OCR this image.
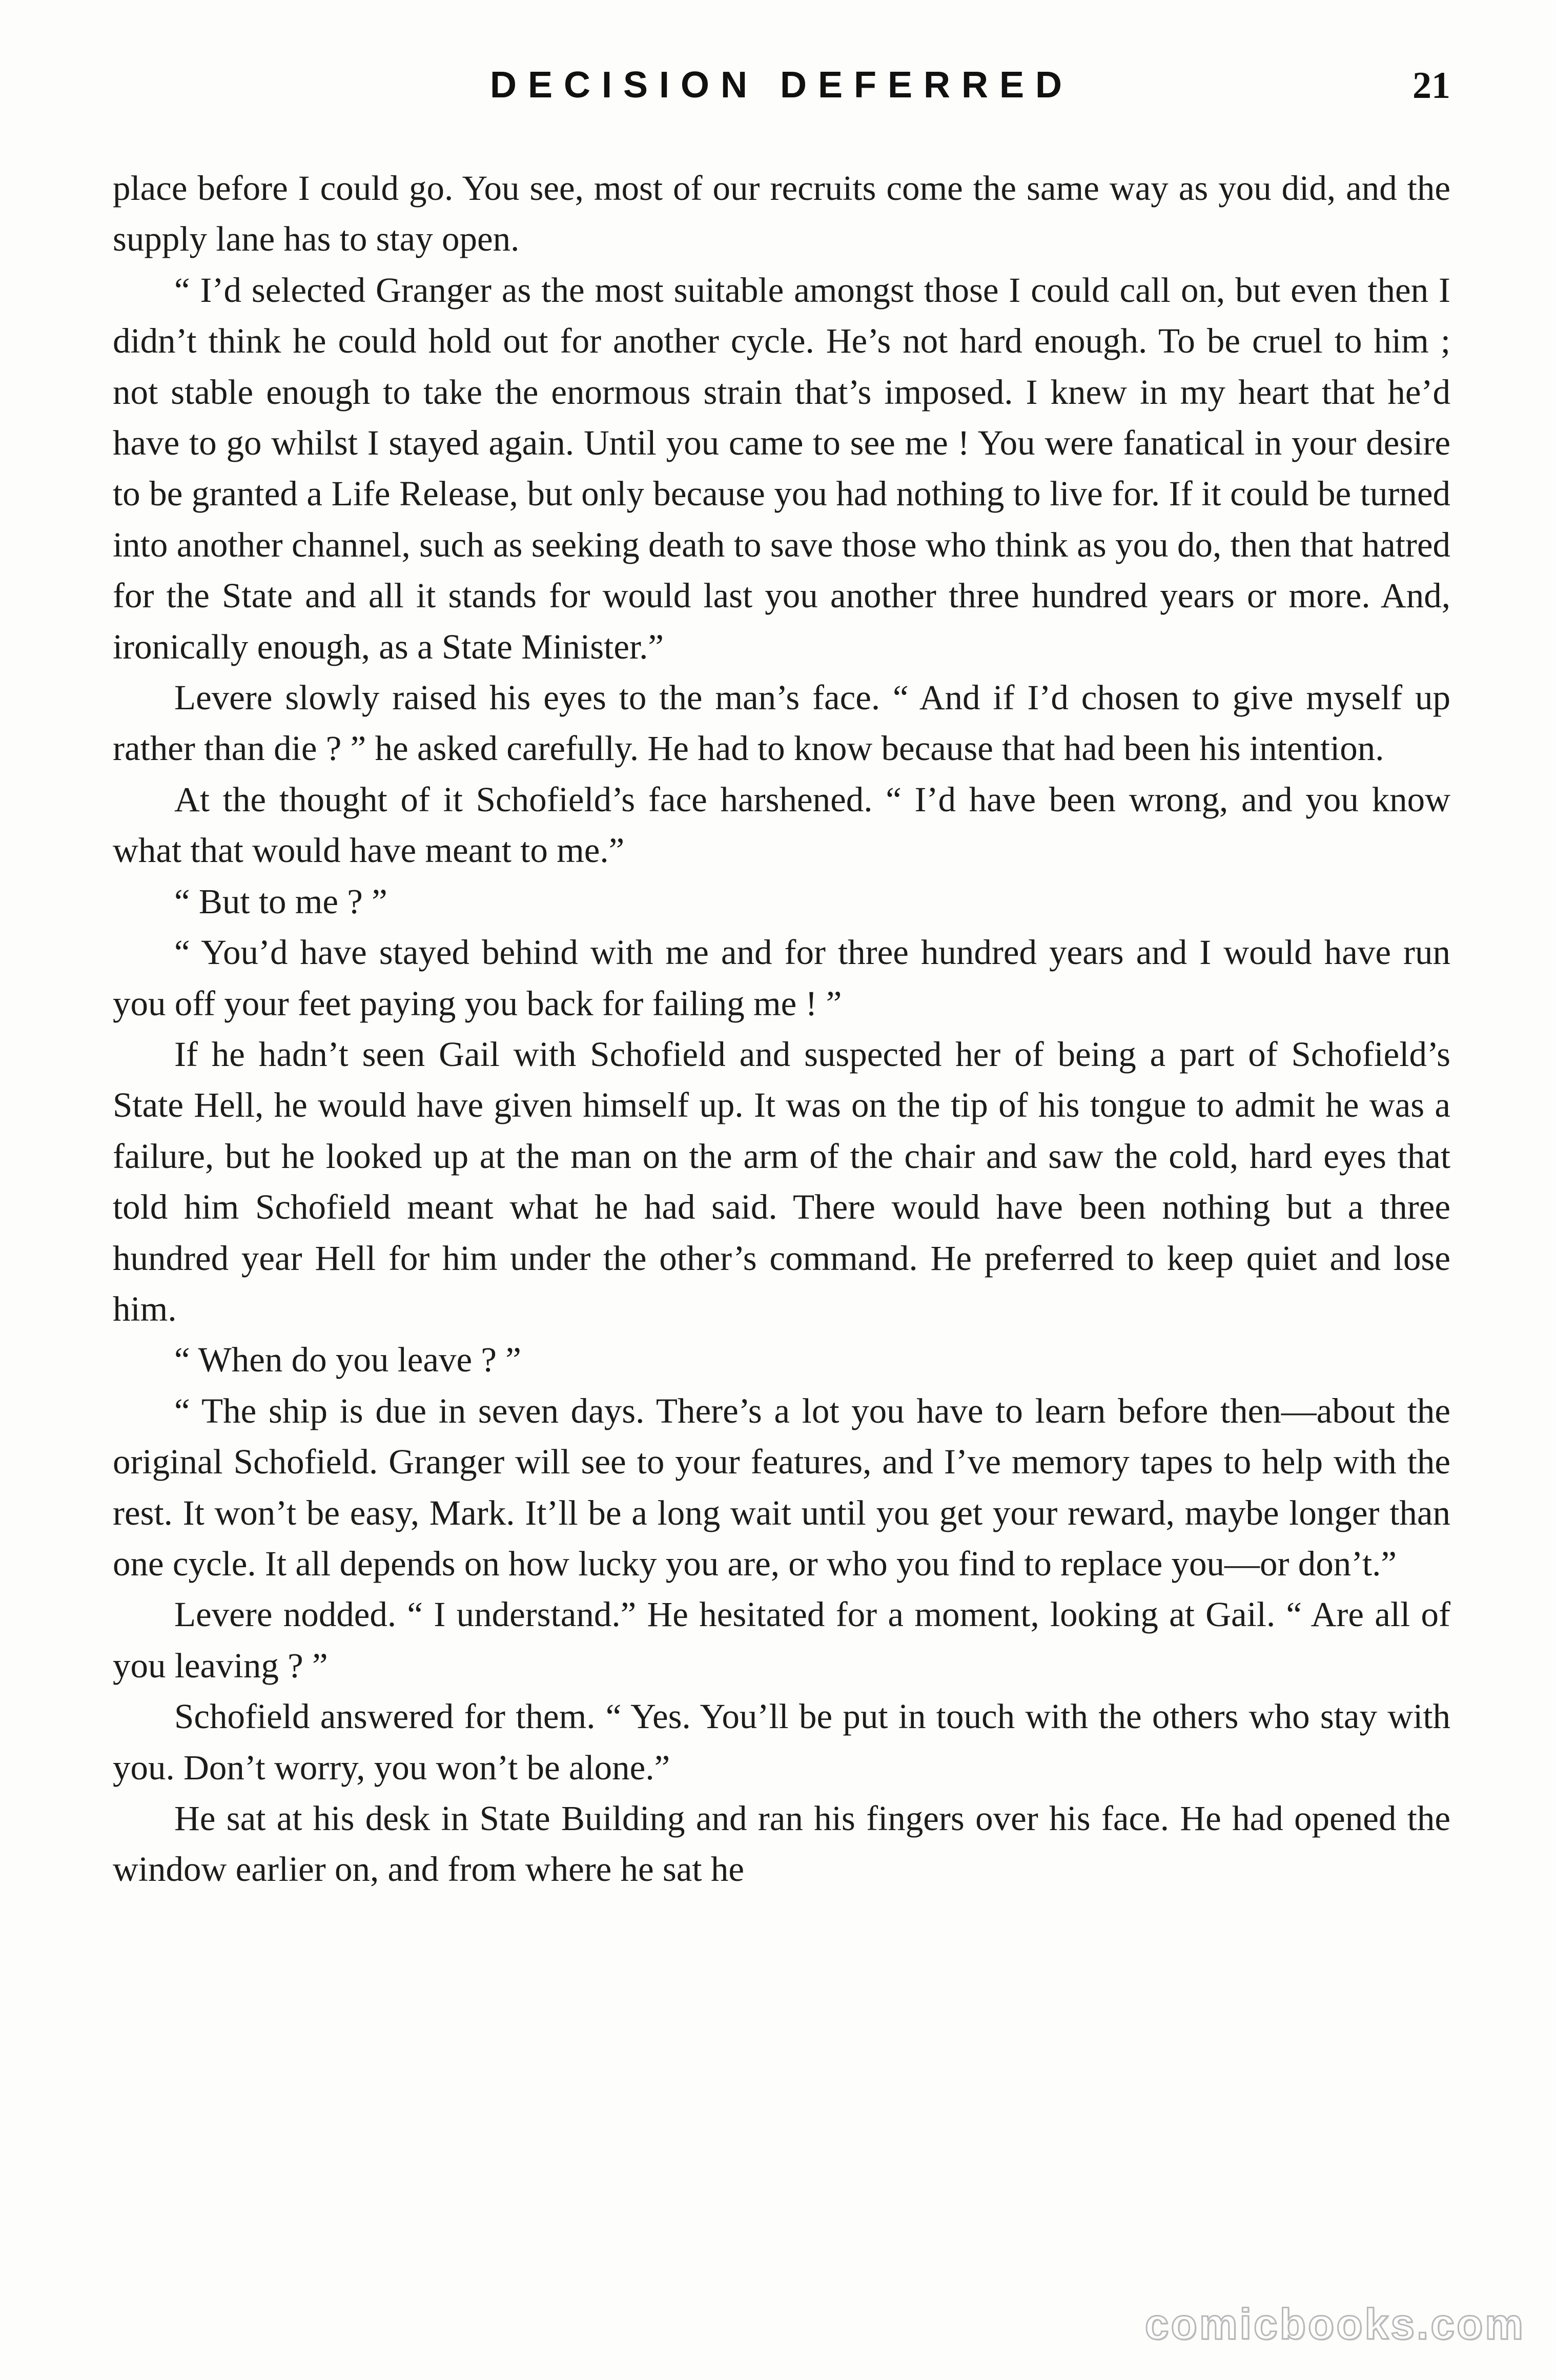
DECISION DEFERRED	21

place before I could go. You see, most of our recruits come the same way as you did, and the supply lane has to stay open.

“ I’d selected Granger as the most suitable amongst those I could call on, but even then I didn’t think he could hold out for another cycle. He’s not hard enough. To be cruel to him ; not stable enough to take the enormous strain that’s imposed. I knew in my heart that he’d have to go whilst I stayed again. Until you came to see me ! You were fanatical in your desire to be granted a Life Release, but only because you had nothing to live for. If it could be turned into another channel, such as seeking death to save those who think as you do, then that hatred for the State and all it stands for would last you another three hundred years or more. And, ironically enough, as a State Minister.”

Levere slowly raised his eyes to the man’s face. “ And if I’d chosen to give myself up rather than die ? ” he asked carefully. He had to know because that had been his intention.

At the thought of it Schofield’s face harshened. “ I’d have been wrong, and you know what that would have meant to me.”

“ But to me ? ”

“ You’d have stayed behind with me and for three hundred years and I would have run you off your feet paying you back for failing me ! ”

If he hadn’t seen Gail with Schofield and suspected her of being a part of Schofield’s State Hell, he would have given himself up. It was on the tip of his tongue to admit he was a failure, but he looked up at the man on the arm of the chair and saw the cold, hard eyes that told him Schofield meant what he had said. There would have been nothing but a three hundred year Hell for him under the other’s command. He preferred to keep quiet and lose him.

“ When do you leave ? ”

“ The ship is due in seven days. There’s a lot you have to learn before then—about the original Schofield. Granger will see to your features, and I’ve memory tapes to help with the rest. It won’t be easy, Mark. It’ll be a long wait until you get your reward, maybe longer than one cycle. It all depends on how lucky you are, or who you find to replace you—or don’t.”

Levere nodded. “ I understand.” He hesitated for a moment, looking at Gail. “ Are all of you leaving ? ”

Schofield answered for them. “ Yes. You’ll be put in touch with the others who stay with you. Don’t worry, you won’t be alone.”

He sat at his desk in State Building and ran his fingers over his face. He had opened the window earlier on, and from where he sat he

comicbooks.com
